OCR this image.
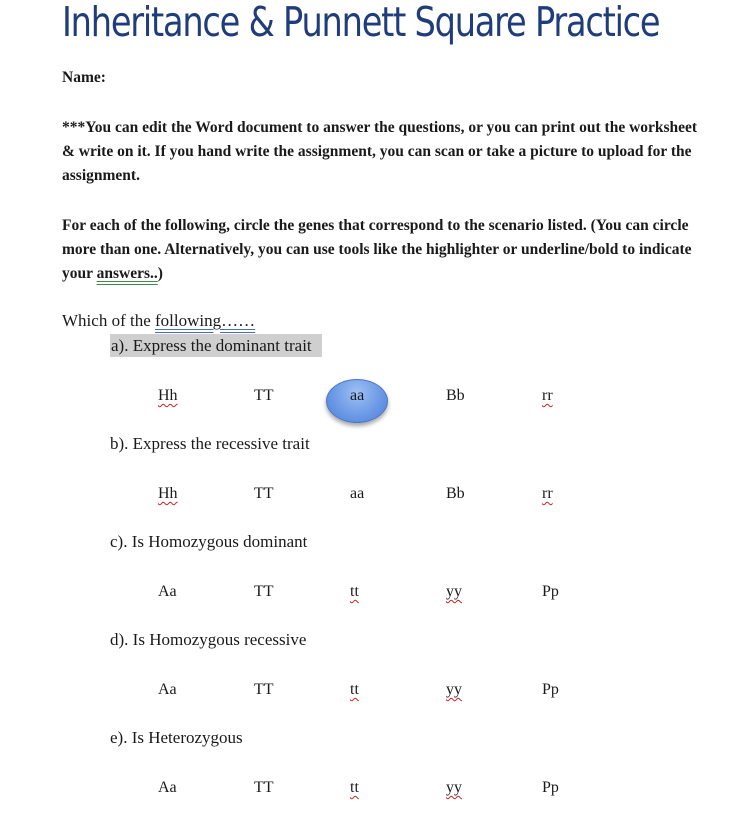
Inheritance & Punnett Square Practice
Name:
***You can edit the Word document to answer the questions, or you can print out the worksheet & write on it. If you hand write the assignment, you can scan or take a picture to upload for the assignment.
For each of the following, circle the genes that correspond to the scenario listed. (You can circle more than one. Alternatively, you can use tools like the highlighter or underline/bold to indicate your answers..)
Which of the following……
a). Express the dominant trait
Hh	TT	aa	Bb	rr
b). Express the recessive trait
Hh	TT	aa	Bb	rr
c). Is Homozygous dominant
Aa	TT	tt	yy	Pp
d). Is Homozygous recessive
Aa	TT	tt	yy	Pp
e). Is Heterozygous
Aa	TT	tt	yy	Pp
